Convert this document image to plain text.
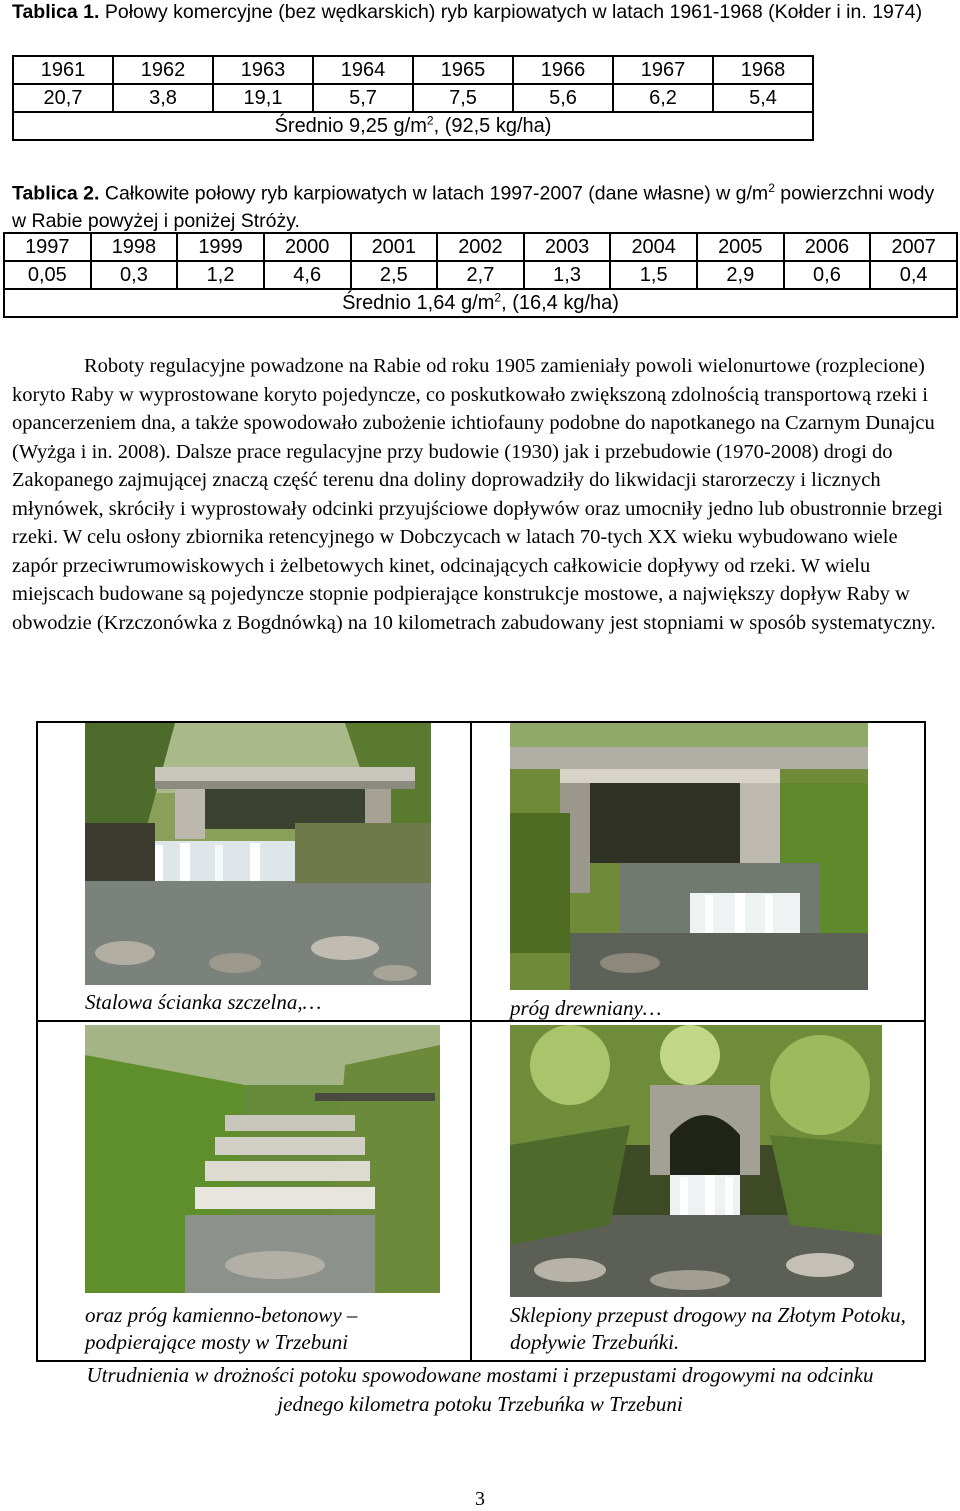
Tablica 1. Połowy komercyjne (bez wędkarskich) ryb karpiowatych w latach 1961-1968 (Kołder i in. 1974)
1961	1962	1963	1964	1965	1966	1967	1968
20,7	3,8	19,1	5,7	7,5	5,6	6,2	5,4
Średnio 9,25 $g/m^2$, (92,5 kg/ha)							
Tablica 2. Całkowite połowy ryb karpiowatych w latach 1997-2007 (dane własne) w $g/m^2$ powierzchni wody w Rabie powyżej i poniżej Stróży.
1997	1998	1999	2000	2001	2002	2003	2004	2005	2006	2007
0,05	0,3	1,2	4,6	2,5	2,7	1,3	1,5	2,9	0,6	0,4
Średnio 1,64 $g/m^2$, (16,4 kg/ha)										
Roboty regulacyjne powadzone na Rabie od roku 1905 zamieniały powoli wielonurtowe (rozplecione) koryto Raby w wyprostowane koryto pojedyncze, co poskutkowało zwiększoną zdolnością transportową rzeki i opancerzeniem dna, a także spowodowało zubożenie ichtiofauny podobne do napotkanego na Czarnym Dunajcu (Wyżga i in. 2008). Dalsze prace regulacyjne przy budowie (1930) jak i przebudowie (1970-2008) drogi do Zakopanego zajmującej znaczą część terenu dna doliny doprowadziły do likwidacji starorzeczy i licznych młynówek, skróciły i wyprostowały odcinki przyujściowe dopływów oraz umocniły jedno lub obustronnie brzegi rzeki. W celu osłony zbiornika retencyjnego w Dobczycach w latach 70-tych XX wieku wybudowano wiele zapór przeciwrumowiskowych i żelbetowych kinet, odcinających całkowicie dopływy od rzeki. W wielu miejscach budowane są pojedyncze stopnie podpierające konstrukcje mostowe, a największy dopływ Raby w obwodzie (Krzczonówka z Bogdnówką) na 10 kilometrach zabudowany jest stopniami w sposób systematyczny.
Stalowa ścianka szczelna,…	próg drewniany…
oraz próg kamienno-betonowy – podpierające mosty w Trzebuni
Sklepiony przepust drogowy na Złotym Potoku, dopływie Trzebuńki.
Utrudnienia w drożności potoku spowodowane mostami i przepustami drogowymi na odcinku jednego kilometra potoku Trzebuńka w Trzebuni
3
